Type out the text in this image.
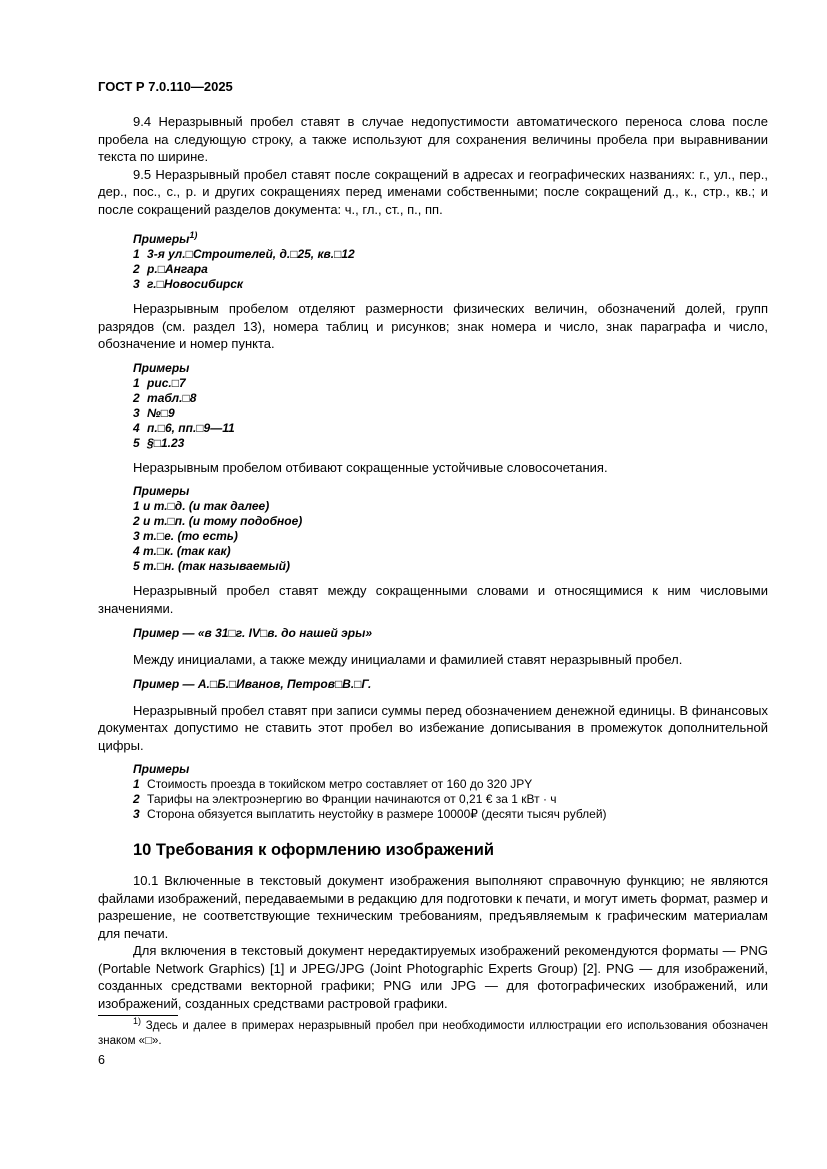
ГОСТ Р 7.0.110—2025

9.4 Неразрывный пробел ставят в случае недопустимости автоматического переноса слова после пробела на следующую строку, а также используют для сохранения величины пробела при выравнивании текста по ширине.

9.5 Неразрывный пробел ставят после сокращений в адресах и географических названиях: г., ул., пер., дер., пос., с., р. и других сокращениях перед именами собственными; после сокращений д., к., стр., кв.; и после сокращений разделов документа: ч., гл., ст., п., пп.

Примеры$^{1)}$
1 3-я ул.□Строителей, д.□25, кв.□12
2 р.□Ангара
3 г.□Новосибирск

Неразрывным пробелом отделяют размерности физических величин, обозначений долей, групп разрядов (см. раздел 13), номера таблиц и рисунков; знак номера и число, знак параграфа и число, обозначение и номер пункта.

Примеры
1 рис.□7
2 табл.□8
3 №□9
4 п.□6, пп.□9—11
5 §□1.23

Неразрывным пробелом отбивают сокращенные устойчивые словосочетания.

Примеры
1 и т.□д. (и так далее)
2 и т.□п. (и тому подобное)
3 т.□е. (то есть)
4 т.□к. (так как)
5 т.□н. (так называемый)

Неразрывный пробел ставят между сокращенными словами и относящимися к ним числовыми значениями.

Пример — «в 31□г. IV□в. до нашей эры»

Между инициалами, а также между инициалами и фамилией ставят неразрывный пробел.

Пример — А.□Б.□Иванов, Петров□В.□Г.

Неразрывный пробел ставят при записи суммы перед обозначением денежной единицы. В финансовых документах допустимо не ставить этот пробел во избежание дописывания в промежуток дополнительной цифры.

Примеры
1 Стоимость проезда в токийском метро составляет от 160 до 320 JPY
2 Тарифы на электроэнергию во Франции начинаются от 0,21 € за 1 кВт · ч
3 Сторона обязуется выплатить неустойку в размере 10000₽ (десяти тысяч рублей)
10 Требования к оформлению изображений

10.1 Включенные в текстовый документ изображения выполняют справочную функцию; не являются файлами изображений, передаваемыми в редакцию для подготовки к печати, и могут иметь формат, размер и разрешение, не соответствующие техническим требованиям, предъявляемым к графическим материалам для печати.

Для включения в текстовый документ нередактируемых изображений рекомендуются форматы — PNG (Portable Network Graphics) [1] и JPEG/JPG (Joint Photographic Experts Group) [2]. PNG — для изображений, созданных средствами векторной графики; PNG или JPG — для фотографических изображений, или изображений, созданных средствами растровой графики.

$^{1)}$ Здесь и далее в примерах неразрывный пробел при необходимости иллюстрации его использования обозначен знаком «□».
6
